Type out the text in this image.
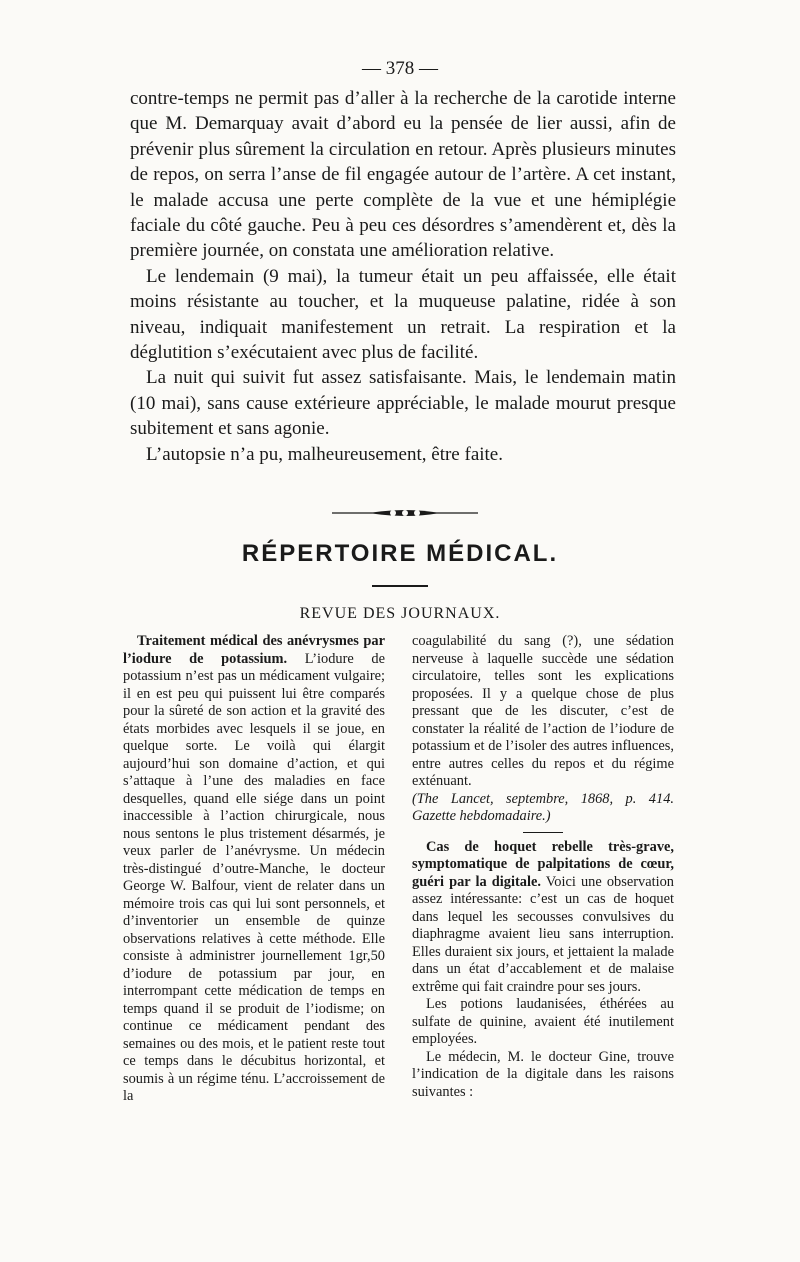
— 378 —

contre-temps ne permit pas d’aller à la recherche de la carotide interne que M. Demarquay avait d’abord eu la pensée de lier aussi, afin de prévenir plus sûrement la circulation en retour. Après plusieurs minutes de repos, on serra l’anse de fil engagée autour de l’artère. A cet instant, le malade accusa une perte complète de la vue et une hémiplégie faciale du côté gauche. Peu à peu ces désordres s’amendèrent et, dès la première journée, on constata une amélioration relative.

Le lendemain (9 mai), la tumeur était un peu affaissée, elle était moins résistante au toucher, et la muqueuse palatine, ridée à son niveau, indiquait manifestement un retrait. La respiration et la déglutition s’exécutaient avec plus de facilité.

La nuit qui suivit fut assez satisfaisante. Mais, le lendemain matin (10 mai), sans cause extérieure appréciable, le malade mourut presque subitement et sans agonie.

L’autopsie n’a pu, malheureusement, être faite.

RÉPERTOIRE MÉDICAL.
REVUE DES JOURNAUX.

Traitement médical des anévrysmes par l’iodure de potassium. L’iodure de potassium n’est pas un médicament vulgaire; il en est peu qui puissent lui être comparés pour la sûreté de son action et la gravité des états morbides avec lesquels il se joue, en quelque sorte. Le voilà qui élargit aujourd’hui son domaine d’action, et qui s’attaque à l’une des maladies en face desquelles, quand elle siége dans un point inaccessible à l’action chirurgicale, nous nous sentons le plus tristement désarmés, je veux parler de l’anévrysme. Un médecin très-distingué d’outre-Manche, le docteur George W. Balfour, vient de relater dans un mémoire trois cas qui lui sont personnels, et d’inventorier un ensemble de quinze observations relatives à cette méthode. Elle consiste à administrer journellement 1gr,50 d’iodure de potassium par jour, en interrompant cette médication de temps en temps quand il se produit de l’iodisme; on continue ce médicament pendant des semaines ou des mois, et le patient reste tout ce temps dans le décubitus horizontal, et soumis à un régime ténu. L’accroissement de la

coagulabilité du sang (?), une sédation nerveuse à laquelle succède une sédation circulatoire, telles sont les explications proposées. Il y a quelque chose de plus pressant que de les discuter, c’est de constater la réalité de l’action de l’iodure de potassium et de l’isoler des autres influences, entre autres celles du repos et du régime exténuant.

(The Lancet, septembre, 1868, p. 414. Gazette hebdomadaire.)

Cas de hoquet rebelle très-grave, symptomatique de palpitations de cœur, guéri par la digitale. Voici une observation assez intéressante: c’est un cas de hoquet dans lequel les secousses convulsives du diaphragme avaient lieu sans interruption. Elles duraient six jours, et jettaient la malade dans un état d’accablement et de malaise extrême qui fait craindre pour ses jours.

Les potions laudanisées, éthérées au sulfate de quinine, avaient été inutilement employées.

Le médecin, M. le docteur Gine, trouve l’indication de la digitale dans les raisons suivantes :
